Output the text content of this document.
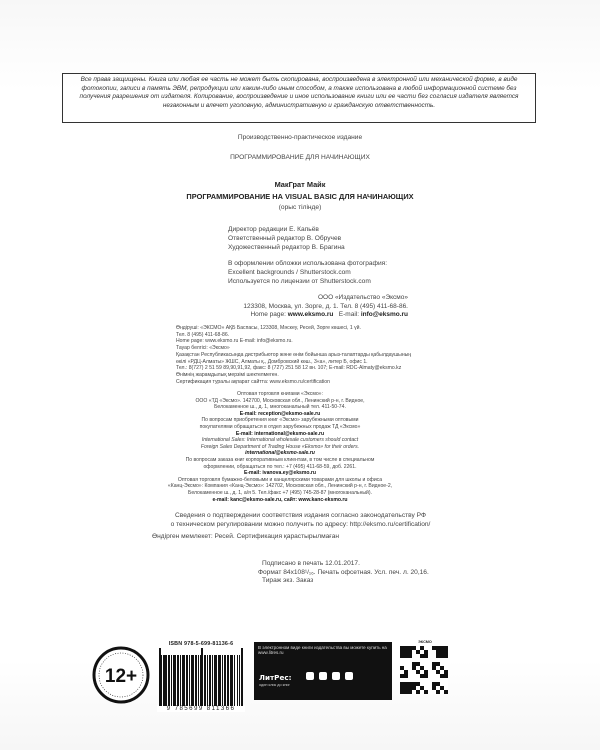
Все права защищены. Книга или любая ее часть не может быть скопирована, воспроизведена в электронной или механической форме, в виде фотокопии, записи в память ЭВМ, репродукции или каким-либо иным способом, а также использована в любой информационной системе без получения разрешения от издателя. Копирование, воспроизведение и иное использование книги или ее части без согласия издателя является незаконным и влечет уголовную, административную и гражданскую ответственность.
Производственно-практическое издание
ПРОГРАММИРОВАНИЕ ДЛЯ НАЧИНАЮЩИХ
МакГрат Майк
ПРОГРАММИРОВАНИЕ НА VISUAL BASIC ДЛЯ НАЧИНАЮЩИХ
(орыс тілінде)
Директор редакции Е. Капьёв
Ответственный редактор В. Обручев
Художественный редактор В. Брагина
В оформлении обложки использована фотография:
Excellent backgrounds / Shutterstock.com
Используется по лицензии от Shutterstock.com
ООО «Издательство «Эксмо»
123308, Москва, ул. Зорге, д. 1. Тел. 8 (495) 411-68-86.
Home page: www.eksmo.ru E-mail: info@eksmo.ru
Өндіруші: «ЭКСМО» АҚБ Баспасы, 123308, Мәскеу, Ресей, Зорге көшесі, 1 үй.
Тел. 8 (495) 411-68-86.
Home page: www.eksmo.ru E-mail: info@eksmo.ru.
Тауар белгісі: «Эксмо»
Қазақстан Республикасында дистрибьютор және өнім бойынша арыз-талаптарды қабылдаушының
өкілі «РДЦ-Алматы» ЖШС, Алматы қ., Домбровский көш., 3«а», литер Б, офис 1.
Тел.: 8(727) 2 51 59 89,90,91,92, факс: 8 (727) 251 58 12 вн. 107; E-mail: RDC-Almaty@eksmo.kz
Өнімнің жарамдылық мерзімі шектелмеген.
Сертификация туралы ақпарат сайтта: www.eksmo.ru/certification
Оптовая торговля книгами «Эксмо»:
ООО «ТД «Эксмо». 142700, Московская обл., Ленинский р-н, г. Видное,
Белокаменное ш., д. 1, многоканальный тел. 411-50-74.
E-mail: reception@eksmo-sale.ru
По вопросам приобретения книг «Эксмо» зарубежными оптовыми
покупателями обращаться в отдел зарубежных продаж ТД «Эксмо»
E-mail: international@eksmo-sale.ru
International Sales: International wholesale customers should contact
Foreign Sales Department of Trading House «Eksmo» for their orders.
international@eksmo-sale.ru
По вопросам заказа книг корпоративным клиентам, в том числе в специальном
оформлении, обращаться по тел.: +7 (495) 411-68-59, доб. 2261.
E-mail: ivanova.ey@eksmo.ru
Оптовая торговля бумажно-беловыми и канцелярскими товарами для школы и офиса
«Канц-Эксмо»: Компания «Канц-Эксмо»: 142702, Московская обл., Ленинский р-н, г. Видное-2,
Белокаменное ш., д. 1, а/я 5. Тел./факс +7 (495) 745-28-87 (многоканальный).
e-mail: kanc@eksmo-sale.ru, сайт: www.kanc-eksmo.ru
Сведения о подтверждении соответствия издания согласно законодательству РФ
о техническом регулировании можно получить по адресу: http://eksmo.ru/certification/
Өндірген мемлекет: Ресей. Сертификация қарастырылмаған
Подписано в печать 12.01.2017.
Формат 84x108¹/₁₆. Печать офсетная. Усл. печ. л. 20,16.
Тираж экз. Заказ
12+
ISBN 978-5-699-81136-6
9 785699 811366
В электронном виде книги издательства вы можете купить на www.litres.ru
ЛитРес:
один клик до книг
ЭКСМО
